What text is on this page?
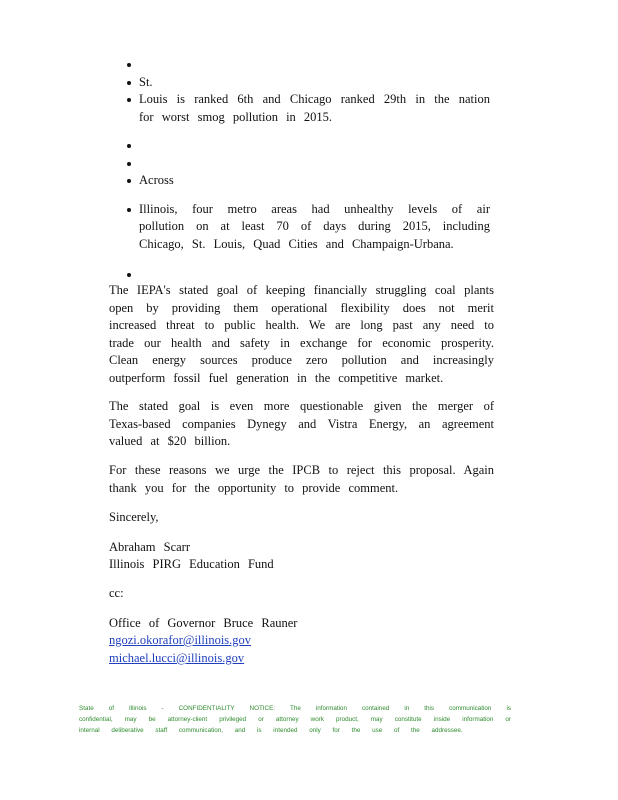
St.
Louis is ranked 6th and Chicago ranked 29th in the nation for worst smog pollution in 2015.
Across
Illinois, four metro areas had unhealthy levels of air pollution on at least 70 of days during 2015, including Chicago, St. Louis, Quad Cities and Champaign-Urbana.

The IEPA's stated goal of keeping financially struggling coal plants open by providing them operational flexibility does not merit increased threat to public health. We are long past any need to trade our health and safety in exchange for economic prosperity. Clean energy sources produce zero pollution and increasingly outperform fossil fuel generation in the competitive market.

The stated goal is even more questionable given the merger of Texas-based companies Dynegy and Vistra Energy, an agreement valued at $20 billion.

For these reasons we urge the IPCB to reject this proposal. Again thank you for the opportunity to provide comment.

Sincerely,

Abraham Scarr

Illinois PIRG Education Fund

cc:

Office of Governor Bruce Rauner

ngozi.okorafor@illinois.gov

michael.lucci@illinois.gov

State of Illinois - CONFIDENTIALITY NOTICE: The information contained in this communication is confidential, may be attorney-client privileged or attorney work product, may constitute inside information or internal deliberative staff communication, and is intended only for the use of the addressee.
